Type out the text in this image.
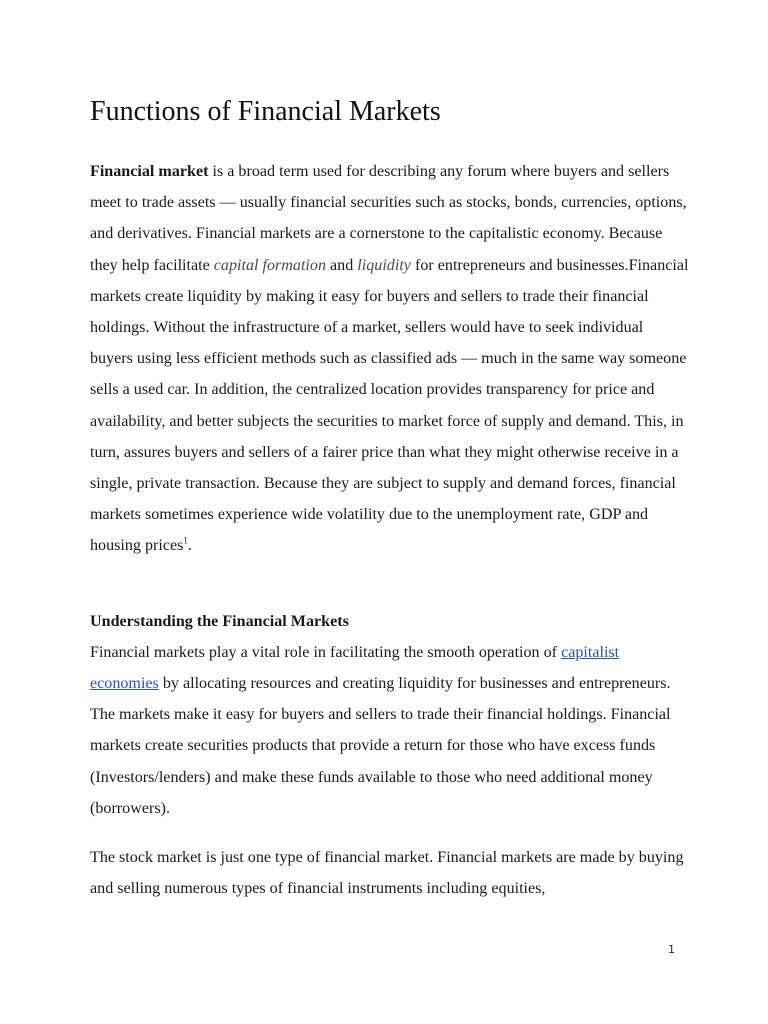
Functions of Financial Markets

Financial market is a broad term used for describing any forum where buyers and sellers meet to trade assets — usually financial securities such as stocks, bonds, currencies, options, and derivatives. Financial markets are a cornerstone to the capitalistic economy. Because they help facilitate capital formation and liquidity for entrepreneurs and businesses.Financial markets create liquidity by making it easy for buyers and sellers to trade their financial holdings. Without the infrastructure of a market, sellers would have to seek individual buyers using less efficient methods such as classified ads — much in the same way someone sells a used car. In addition, the centralized location provides transparency for price and availability, and better subjects the securities to market force of supply and demand. This, in turn, assures buyers and sellers of a fairer price than what they might otherwise receive in a single, private transaction. Because they are subject to supply and demand forces, financial markets sometimes experience wide volatility due to the unemployment rate, GDP and housing prices$^1$.

Understanding the Financial Markets

Financial markets play a vital role in facilitating the smooth operation of capitalist economies by allocating resources and creating liquidity for businesses and entrepreneurs. The markets make it easy for buyers and sellers to trade their financial holdings. Financial markets create securities products that provide a return for those who have excess funds (Investors/lenders) and make these funds available to those who need additional money (borrowers).

The stock market is just one type of financial market. Financial markets are made by buying and selling numerous types of financial instruments including equities,

1
